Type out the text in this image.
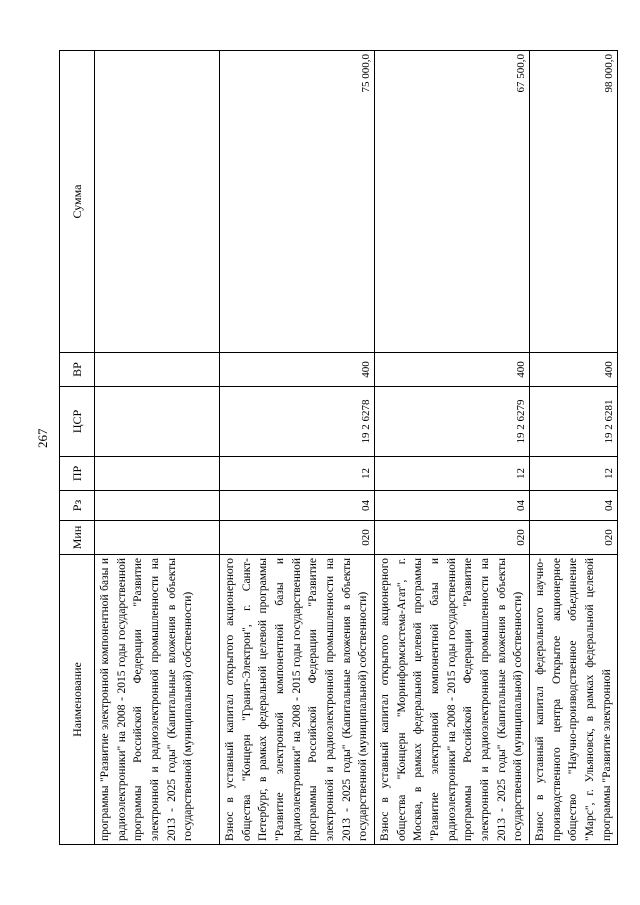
267
Наименование	Мин	Рз	ПР	ЦСР	ВР	Сумма
программы "Развитие электронной компонентной базы и радиоэлектроники" на 2008 - 2015 годы государственной программы Российской Федерации "Развитие электронной и радиоэлектронной промышленности на 2013 - 2025 годы" (Капитальные вложения в объекты государственной (муниципальной) собственности)						
Взнос в уставный капитал открытого акционерного общества "Концерн "Гранит-Электрон", г. Санкт-Петербург, в рамках федеральной целевой программы "Развитие электронной компонентной базы и радиоэлектроники" на 2008 - 2015 годы государственной программы Российской Федерации "Развитие электронной и радиоэлектронной промышленности на 2013 - 2025 годы" (Капитальные вложения в объекты государственной (муниципальной) собственности)	020	04	12	19 2 6278	400	75 000,0
Взнос в уставный капитал открытого акционерного общества "Концерн "Моринформсистема-Агат", г. Москва, в рамках федеральной целевой программы "Развитие электронной компонентной базы и радиоэлектроники" на 2008 - 2015 годы государственной программы Российской Федерации "Развитие электронной и радиоэлектронной промышленности на 2013 - 2025 годы" (Капитальные вложения в объекты государственной (муниципальной) собственности)	020	04	12	19 2 6279	400	67 500,0
Взнос в уставный капитал федерального научно-производственного центра Открытое акционерное общество "Научно-производственное объединение "Марс", г. Ульяновск, в рамках федеральной целевой программы "Развитие электронной	020	04	12	19 2 6281	400	98 000,0
